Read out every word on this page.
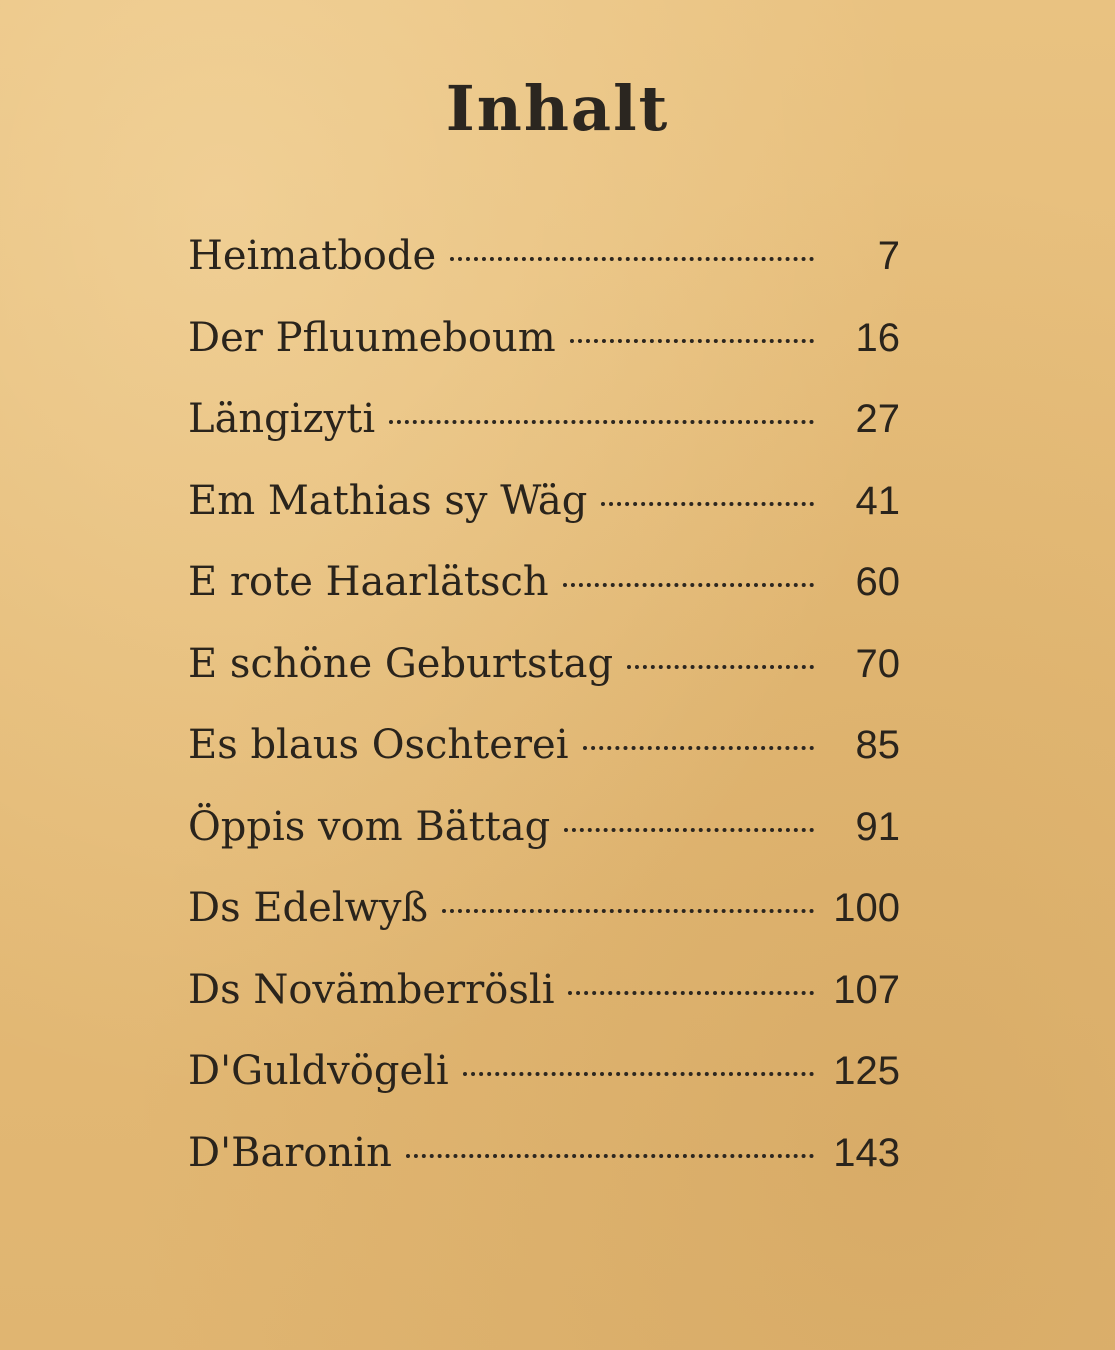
Inhalt
Heimatbode	7
Der Pfluumeboum	16
Längizyti	27
Em Mathias sy Wäg	41
E rote Haarlätsch	60
E schöne Geburtstag	70
Es blaus Oschterei	85
Öppis vom Bättag	91
Ds Edelwyß	100
Ds Novämberrösli	107
D'Guldvögeli	125
D'Baronin	143
